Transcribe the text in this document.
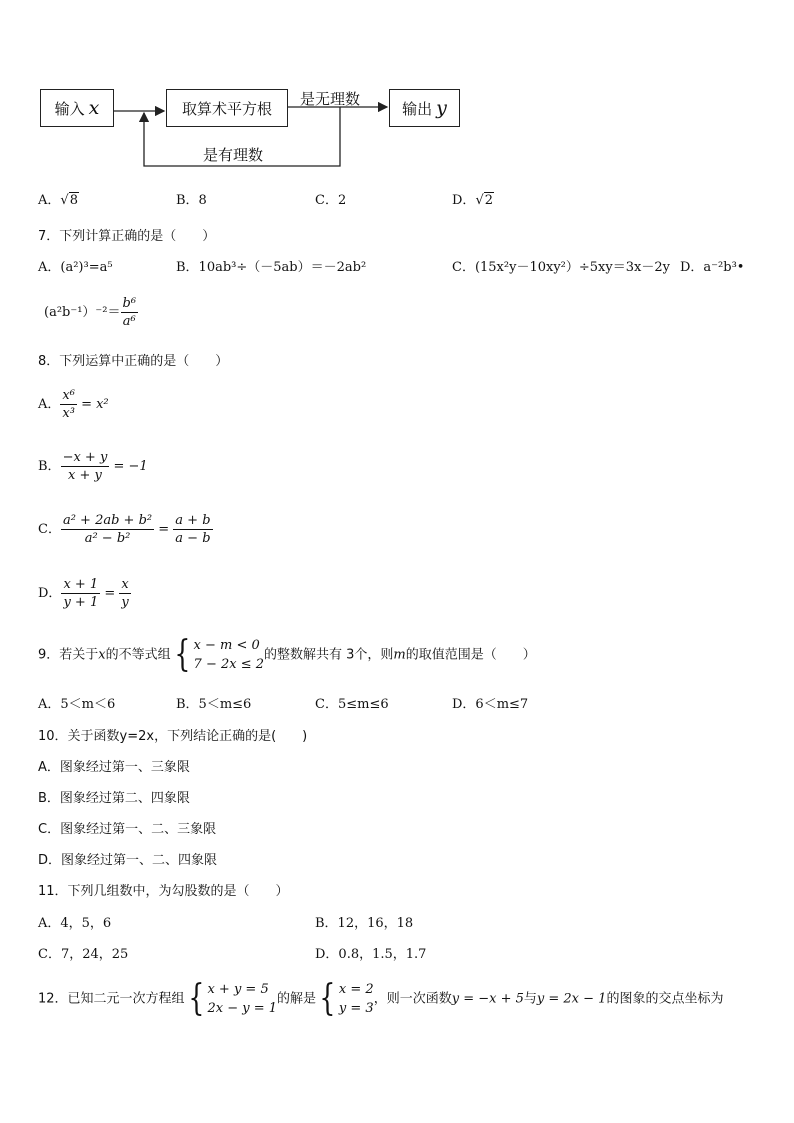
输入 x	取算术平方根	输出 y
是无理数
是有理数
A．√ 8	B．8	C．2	D．√ 2
7．下列计算正确的是（　　）
A．(a²)³=a⁵	B．10ab³÷（－5ab）＝－2ab²	C．(15x²y－10xy²）÷5xy＝3x－2y D．a⁻²b³•
$(a^2b^{-1})^{-2}= \frac{\text{b⁶}}{\text{a⁶}}$
8．下列运算中正确的是（　　）
A． $\frac{\text{x⁶}}{\text{x³}} = x^2$
B． $\frac{-x + y}{x + y} = -1$
C． $\frac{\text{a² + 2ab + b²}}{\text{a² − b²}} = \frac{a + b}{a - b}$
D． $\frac{x + 1}{y + 1} = \frac{x}{y}$
9．若关于x的不等式组{ x − m < 0
7 − 2x ≤ 2
的整数解共有 3个，则m的取值范围是（　　）
A．5＜m＜6	B．5＜m≤6	C．5≤m≤6	D．6＜m≤7
10．关于函数y=2x，下列结论正确的是(　　)
A．图象经过第一、三象限
B．图象经过第二、四象限
C．图象经过第一、二、三象限
D．图象经过第一、二、四象限
11．下列几组数中，为勾股数的是（　　）
A．4，5，6	B．12，16，18
C．7，24，25	D．0.8，1.5，1.7
12．已知二元一次方程组{ x + y = 5
2x − y = 1
的解是{ x = 2
y = 3
，则一次函数y = −x + 5与y = 2x − 1的图象的交点坐标为
